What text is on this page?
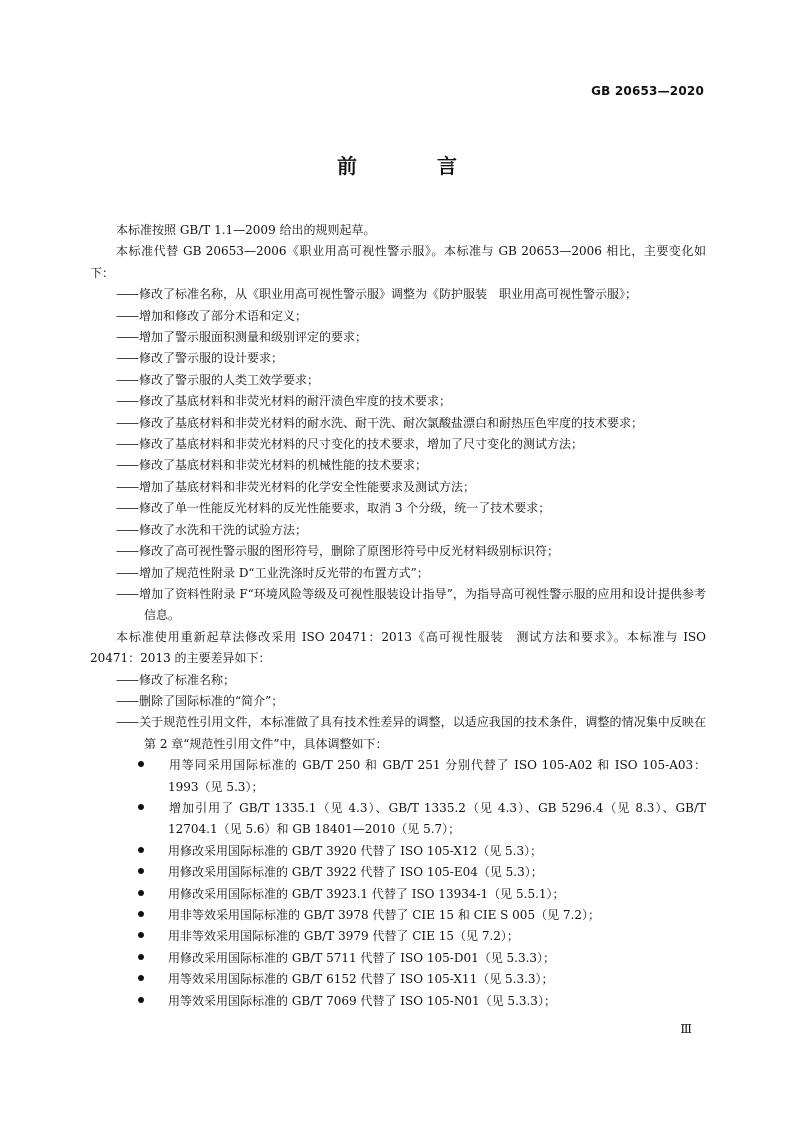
GB 20653—2020
前　言

本标准按照 GB/T 1.1—2009 给出的规则起草。

本标准代替 GB 20653—2006《职业用高可视性警示服》。本标准与 GB 20653—2006 相比，主要变化如下：

—— 修改了标准名称，从《职业用高可视性警示服》调整为《防护服装　职业用高可视性警示服》；

—— 增加和修改了部分术语和定义；

—— 增加了警示服面积测量和级别评定的要求；

—— 修改了警示服的设计要求；

—— 修改了警示服的人类工效学要求；

—— 修改了基底材料和非荧光材料的耐汗渍色牢度的技术要求；

—— 修改了基底材料和非荧光材料的耐水洗、耐干洗、耐次氯酸盐漂白和耐热压色牢度的技术要求；

—— 修改了基底材料和非荧光材料的尺寸变化的技术要求，增加了尺寸变化的测试方法；

—— 修改了基底材料和非荧光材料的机械性能的技术要求；

—— 增加了基底材料和非荧光材料的化学安全性能要求及测试方法；

—— 修改了单一性能反光材料的反光性能要求，取消 3 个分级，统一了技术要求；

—— 修改了水洗和干洗的试验方法；

—— 修改了高可视性警示服的图形符号，删除了原图形符号中反光材料级别标识符；

—— 增加了规范性附录 D“工业洗涤时反光带的布置方式”；

—— 增加了资料性附录 F“环境风险等级及可视性服装设计指导”，为指导高可视性警示服的应用和设计提供参考信息。

本标准使用重新起草法修改采用 ISO 20471：2013《高可视性服装　测试方法和要求》。本标准与 ISO 20471：2013 的主要差异如下：

—— 修改了标准名称；

—— 删除了国际标准的“简介”；

—— 关于规范性引用文件，本标准做了具有技术性差异的调整，以适应我国的技术条件，调整的情况集中反映在第 2 章“规范性引用文件”中，具体调整如下：

用等同采用国际标准的 GB/T 250 和 GB/T 251 分别代替了 ISO 105-A02 和 ISO 105-A03：1993（见 5.3）；

增加引用了 GB/T 1335.1（见 4.3）、GB/T 1335.2（见 4.3）、GB 5296.4（见 8.3）、GB/T 12704.1（见 5.6）和 GB 18401—2010（见 5.7）；

用修改采用国际标准的 GB/T 3920 代替了 ISO 105-X12（见 5.3）；

用修改采用国际标准的 GB/T 3922 代替了 ISO 105-E04（见 5.3）；

用修改采用国际标准的 GB/T 3923.1 代替了 ISO 13934-1（见 5.5.1）；

用非等效采用国际标准的 GB/T 3978 代替了 CIE 15 和 CIE S 005（见 7.2）；

用非等效采用国际标准的 GB/T 3979 代替了 CIE 15（见 7.2）；

用修改采用国际标准的 GB/T 5711 代替了 ISO 105-D01（见 5.3.3）；

用等效采用国际标准的 GB/T 6152 代替了 ISO 105-X11（见 5.3.3）；

用等效采用国际标准的 GB/T 7069 代替了 ISO 105-N01（见 5.3.3）；

Ⅲ
